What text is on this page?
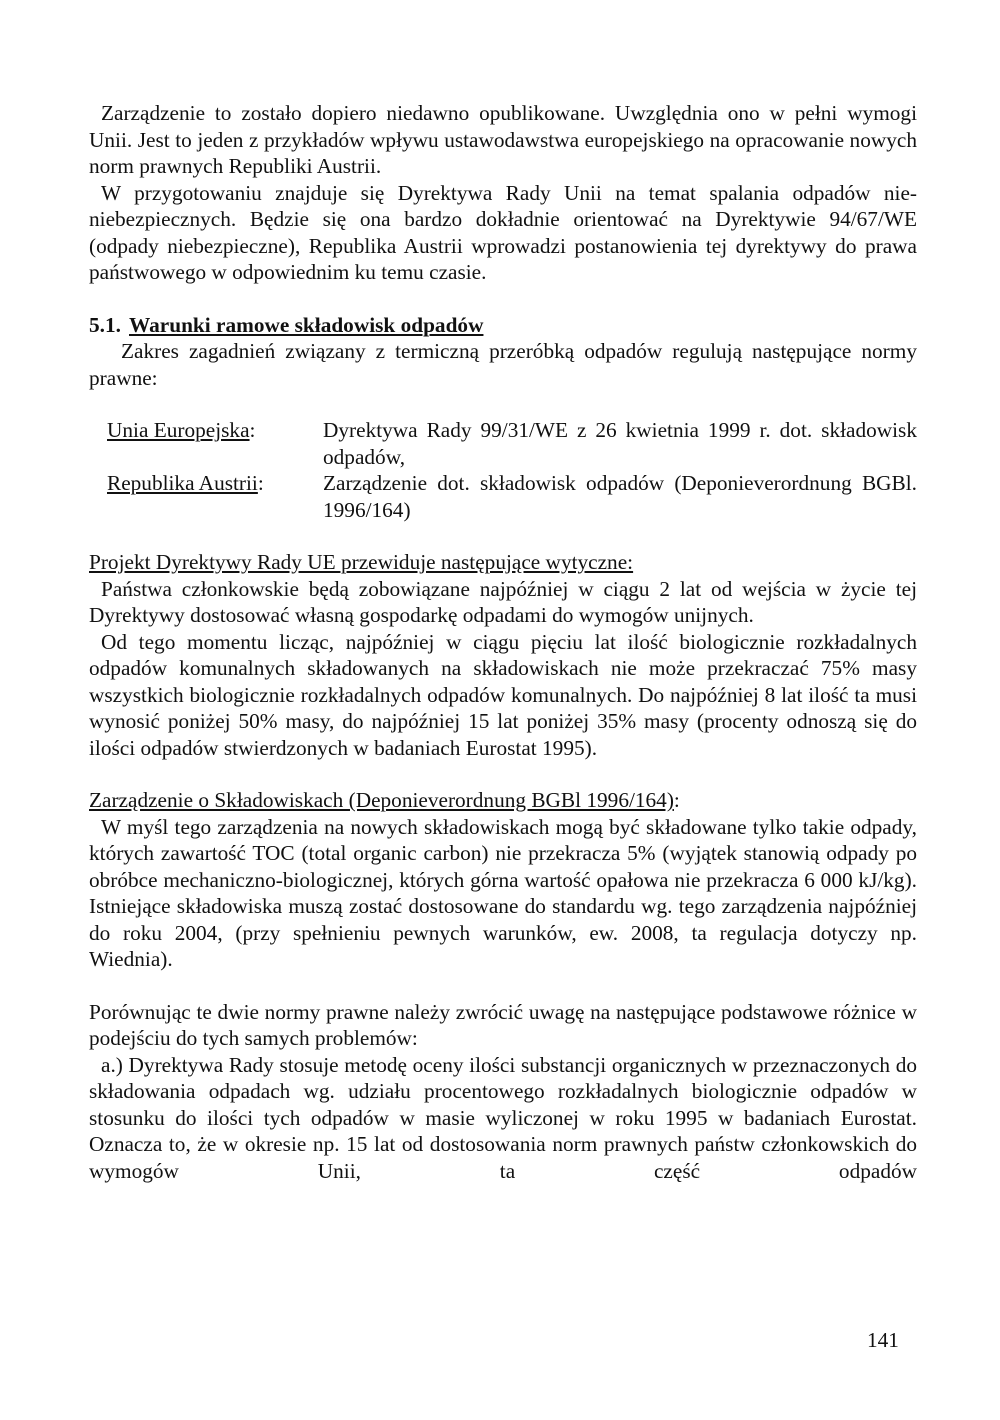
Zarządzenie to zostało dopiero niedawno opublikowane. Uwzględnia ono w pełni wymogi Unii. Jest to jeden z przykładów wpływu ustawodawstwa europejskiego na opracowanie nowych norm prawnych Republiki Austrii.

W przygotowaniu znajduje się Dyrektywa Rady Unii na temat spalania odpadów nie-niebezpiecznych. Będzie się ona bardzo dokładnie orientować na Dyrektywie 94/67/WE (odpady niebezpieczne), Republika Austrii wprowadzi postanowienia tej dyrektywy do prawa państwowego w odpowiednim ku temu czasie.

5.1. Warunki ramowe składowisk odpadów

Zakres zagadnień związany z termiczną przeróbką odpadów regulują następujące normy prawne:

Unia Europejska:	Dyrektywa Rady 99/31/WE z 26 kwietnia 1999 r. dot. składowisk odpadów,
Republika Austrii:	Zarządzenie dot. składowisk odpadów (Deponieverordnung BGBl. 1996/164)

Projekt Dyrektywy Rady UE przewiduje następujące wytyczne:

Państwa członkowskie będą zobowiązane najpóźniej w ciągu 2 lat od wejścia w życie tej Dyrektywy dostosować własną gospodarkę odpadami do wymogów unijnych.

Od tego momentu licząc, najpóźniej w ciągu pięciu lat ilość biologicznie rozkładalnych odpadów komunalnych składowanych na składowiskach nie może przekraczać 75% masy wszystkich biologicznie rozkładalnych odpadów komunalnych. Do najpóźniej 8 lat ilość ta musi wynosić poniżej 50% masy, do najpóźniej 15 lat poniżej 35% masy (procenty odnoszą się do ilości odpadów stwierdzonych w badaniach Eurostat 1995).

Zarządzenie o Składowiskach (Deponieverordnung BGBl 1996/164):

W myśl tego zarządzenia na nowych składowiskach mogą być składowane tylko takie odpady, których zawartość TOC (total organic carbon) nie przekracza 5% (wyjątek stanowią odpady po obróbce mechaniczno-biologicznej, których górna wartość opałowa nie przekracza 6 000 kJ/kg). Istniejące składowiska muszą zostać dostosowane do standardu wg. tego zarządzenia najpóźniej do roku 2004, (przy spełnieniu pewnych warunków, ew. 2008, ta regulacja dotyczy np. Wiednia).

Porównując te dwie normy prawne należy zwrócić uwagę na następujące podstawowe różnice w podejściu do tych samych problemów:

a.) Dyrektywa Rady stosuje metodę oceny ilości substancji organicznych w przeznaczonych do składowania odpadach wg. udziału procentowego rozkładalnych biologicznie odpadów w stosunku do ilości tych odpadów w masie wyliczonej w roku 1995 w badaniach Eurostat. Oznacza to, że w okresie np. 15 lat od dostosowania norm prawnych państw członkowskich do wymogów Unii, ta część odpadów

141
